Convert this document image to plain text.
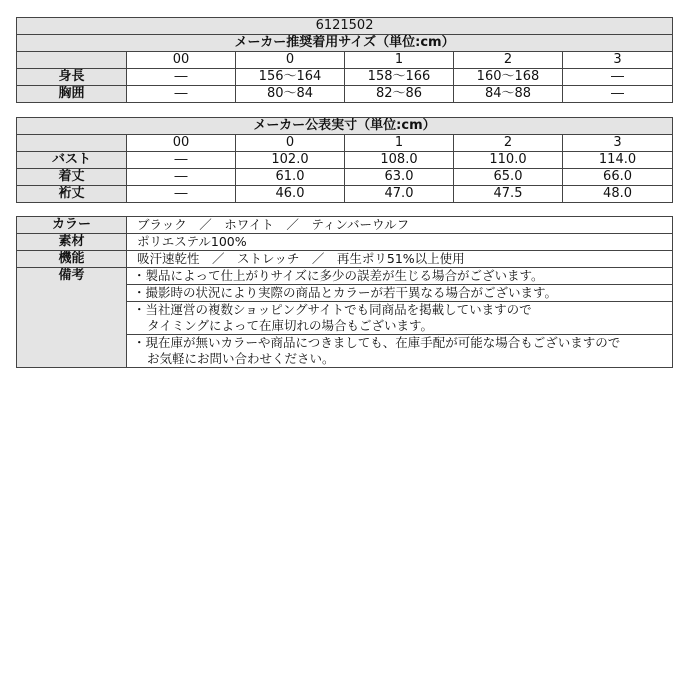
6121502					
メーカー推奨着用サイズ（単位:cm）					
	00	0	1	2	3
身長	―	156〜164	158〜166	160〜168	―
胸囲	―	80〜84	82〜86	84〜88	―
メーカー公表実寸（単位:cm）					
	00	0	1	2	3
バスト	―	102.0	108.0	110.0	114.0
着丈	―	61.0	63.0	65.0	66.0
裄丈	―	46.0	47.0	47.5	48.0
カラー	ブラック　／　ホワイト　／　ティンバーウルフ
素材	ポリエステル100%
機能	吸汗速乾性　／　ストレッチ　／　再生ポリ51%以上使用
備考	・製品によって仕上がりサイズに多少の誤差が生じる場合がございます。
	・撮影時の状況により実際の商品とカラーが若干異なる場合がございます。

	・当社運営の複数ショッピングサイトでも同商品を掲載していますので
タイミングによって在庫切れの場合もございます。

	・現在庫が無いカラーや商品につきましても、在庫手配が可能な場合もございますので
お気軽にお問い合わせください。
